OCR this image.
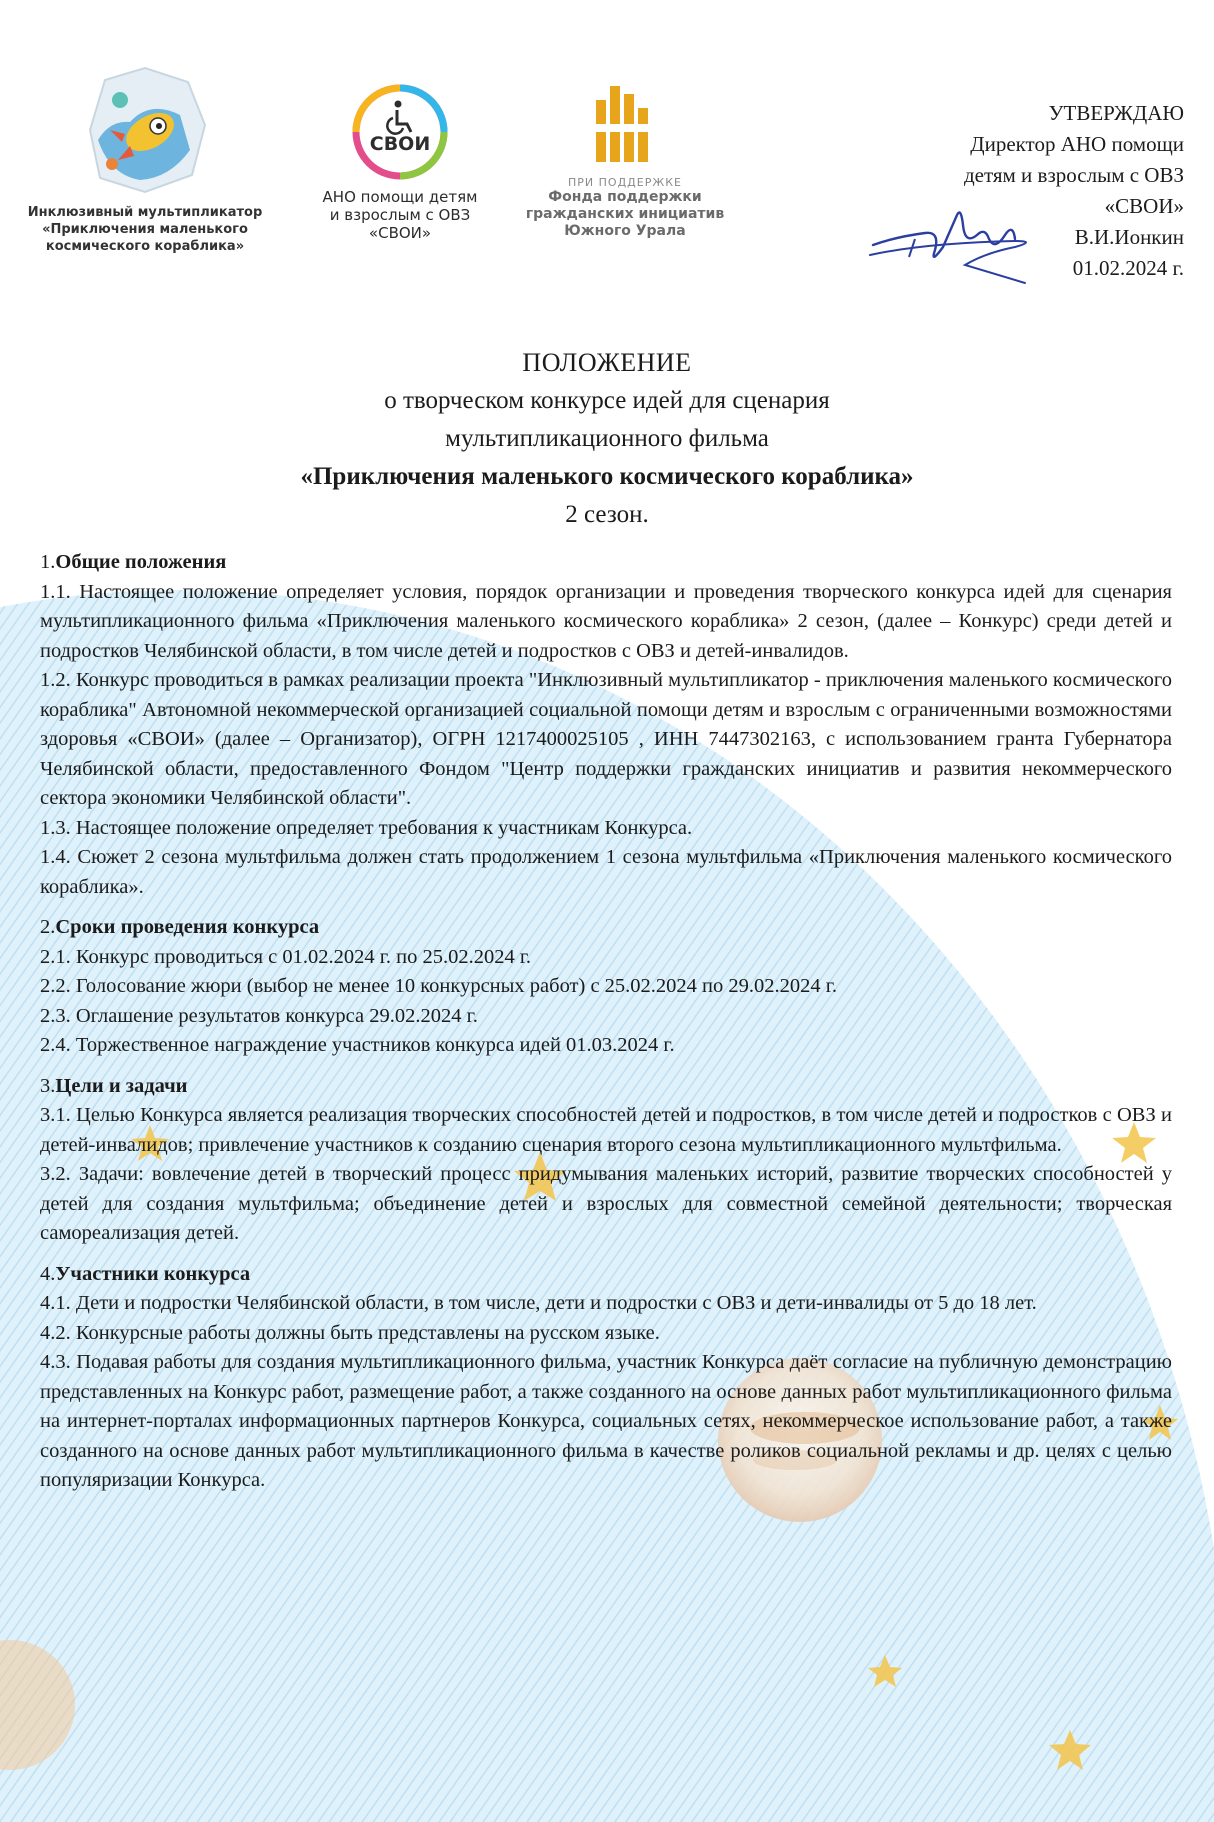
Инклюзивный мультипликатор
«Приключения маленького
космического кораблика»
СВОИ
АНО помощи детям
и взрослым с ОВЗ
«СВОИ»
ПРИ ПОДДЕРЖКЕ
Фонда поддержки
гражданских инициатив
Южного Урала
УТВЕРЖДАЮ
Директор АНО помощи
детям и взрослым с ОВЗ
«СВОИ»
В.И.Ионкин
01.02.2024 г.
ПОЛОЖЕНИЕ
о творческом конкурсе идей для сценария
мультипликационного фильма
«Приключения маленького космического кораблика»
2 сезон.

1.Общие положения

1.1. Настоящее положение определяет условия, порядок организации и проведения творческого конкурса идей для сценария мультипликационного фильма «Приключения маленького космического кораблика» 2 сезон, (далее – Конкурс) среди детей и подростков Челябинской области, в том числе детей и подростков с ОВЗ и детей-инвалидов.

1.2. Конкурс проводиться в рамках реализации проекта "Инклюзивный мультипликатор - приключения маленького космического кораблика" Автономной некоммерческой организацией социальной помощи детям и взрослым с ограниченными возможностями здоровья «СВОИ» (далее – Организатор), ОГРН 1217400025105 , ИНН 7447302163, с использованием гранта Губернатора Челябинской области, предоставленного Фондом "Центр поддержки гражданских инициатив и развития некоммерческого сектора экономики Челябинской области".

1.3. Настоящее положение определяет требования к участникам Конкурса.

1.4. Сюжет 2 сезона мультфильма должен стать продолжением 1 сезона мультфильма «Приключения маленького космического кораблика».

2.Сроки проведения конкурса

2.1. Конкурс проводиться с 01.02.2024 г. по 25.02.2024 г.

2.2. Голосование жюри (выбор не менее 10 конкурсных работ) с 25.02.2024 по 29.02.2024 г.

2.3. Оглашение результатов конкурса 29.02.2024 г.

2.4. Торжественное награждение участников конкурса идей 01.03.2024 г.

3.Цели и задачи

3.1. Целью Конкурса является реализация творческих способностей детей и подростков, в том числе детей и подростков с ОВЗ и детей-инвалидов; привлечение участников к созданию сценария второго сезона мультипликационного мультфильма.

3.2. Задачи: вовлечение детей в творческий процесс придумывания маленьких историй, развитие творческих способностей у детей для создания мультфильма; объединение детей и взрослых для совместной семейной деятельности; творческая самореализация детей.

4.Участники конкурса

4.1. Дети и подростки Челябинской области, в том числе, дети и подростки с ОВЗ и дети-инвалиды от 5 до 18 лет.

4.2. Конкурсные работы должны быть представлены на русском языке.

4.3. Подавая работы для создания мультипликационного фильма, участник Конкурса даёт согласие на публичную демонстрацию представленных на Конкурс работ, размещение работ, а также созданного на основе данных работ мультипликационного фильма на интернет-порталах информационных партнеров Конкурса, социальных сетях, некоммерческое использование работ, а также созданного на основе данных работ мультипликационного фильма в качестве роликов социальной рекламы и др. целях с целью популяризации Конкурса.
